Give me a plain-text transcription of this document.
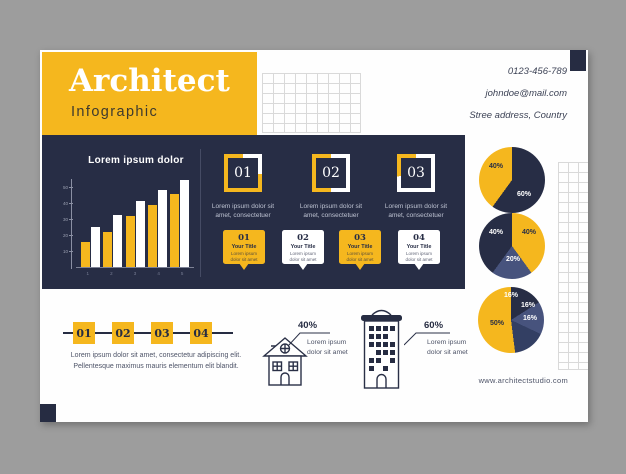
Architect
Infographic
0123-456-789
johndoe@mail.com
Stree address, Country
Lorem ipsum dolor
50
40
30
20
10
1	2	3	4	5
01	02	03
Lorem ipsum dolor sit amet, consectetuer
Lorem ipsum dolor sit amet, consectetuer
Lorem ipsum dolor sit amet, consectetuer
01
Your Title
Lorem ipsum dolor sit amet
02
Your Title
Lorem ipsum dolor sit amet
03
Your Title
Lorem ipsum dolor sit amet
04
Your Title
Lorem ipsum dolor sit amet
60%
40%
40%
20%
40%
16%
16%
16%
50%
01	02	03	04
Lorem ipsum dolor sit amet, consectetur adipiscing elit.
Pellentesque maximus mauris elementum elit blandit.
40%
Lorem ipsum dolor sit amet
60%
Lorem ipsum dolor sit amet
www.architectstudio.com
